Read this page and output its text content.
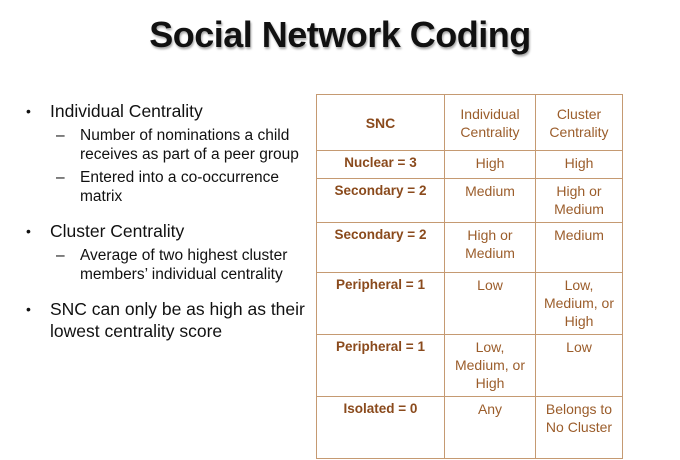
Social Network Coding
• Individual Centrality
– Number of nominations a child receives as part of a peer group
– Entered into a co-occurrence matrix
• Cluster Centrality
– Average of two highest cluster members’ individual centrality
• SNC can only be as high as their lowest centrality score
SNC	Individual Centrality	Cluster Centrality
Nuclear = 3	High	High
Secondary = 2	Medium	High or Medium
Secondary = 2	High or Medium	Medium
Peripheral = 1	Low	Low, Medium, or High
Peripheral = 1	Low, Medium, or High	Low
Isolated = 0	Any	Belongs to No Cluster
